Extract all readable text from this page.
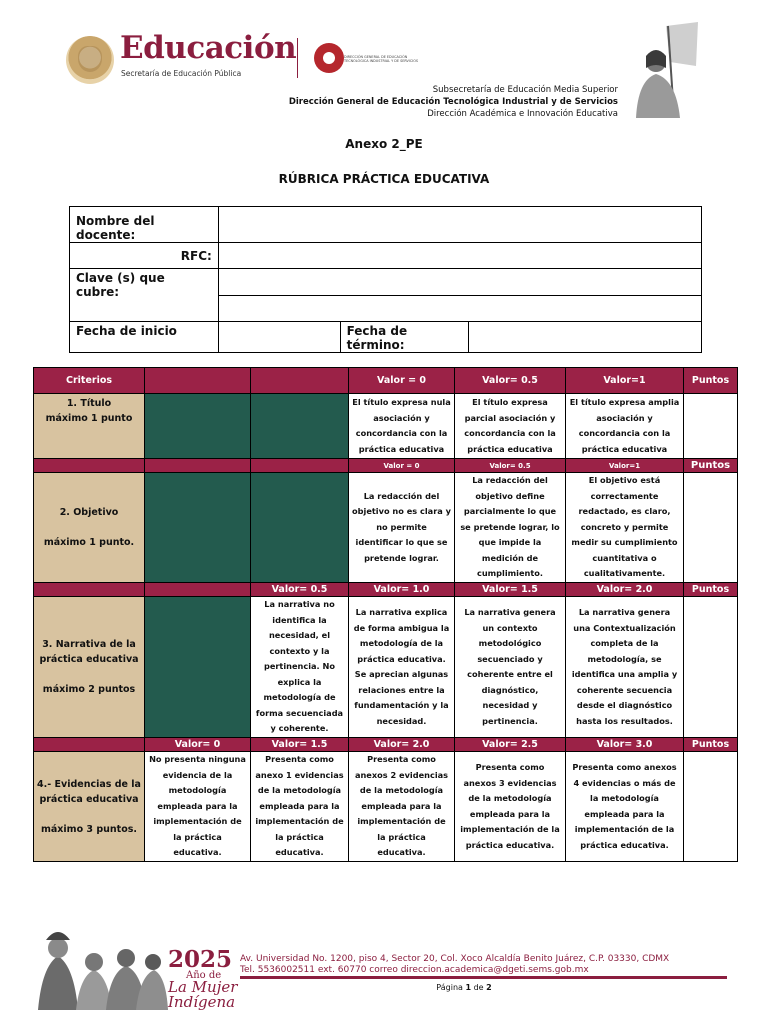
Educación
Secretaría de Educación Pública
DIRECCIÓN GENERAL DE EDUCACIÓN TECNOLÓGICA INDUSTRIAL Y DE SERVICIOS
Subsecretaría de Educación Media Superior
Dirección General de Educación Tecnológica Industrial y de Servicios
Dirección Académica e Innovación Educativa
Anexo 2_PE
RÚBRICA PRÁCTICA EDUCATIVA
Nombre del docente:			
RFC:			
Clave (s) que cubre:			

Fecha de inicio		Fecha de término:	
Criterios			Valor = 0	Valor= 0.5	Valor=1	Puntos
1. Título
máximo 1 punto			El título expresa nula asociación y concordancia con la práctica educativa	El título expresa parcial asociación y concordancia con la práctica educativa	El título expresa amplia asociación y concordancia con la práctica educativa	
			Valor = 0	Valor= 0.5	Valor=1	Puntos
2. Objetivo

máximo 1 punto.			La redacción del objetivo no es clara y no permite identificar lo que se pretende lograr.	La redacción del objetivo define parcialmente lo que se pretende lograr, lo que impide la medición de cumplimiento.	El objetivo está correctamente redactado, es claro, concreto y permite medir su cumplimiento cuantitativa o cualitativamente.	
		Valor= 0.5	Valor= 1.0	Valor= 1.5	Valor= 2.0	Puntos
3. Narrativa de la práctica educativa

máximo 2 puntos		La narrativa no identifica la necesidad, el contexto y la pertinencia. No explica la metodología de forma secuenciada y coherente.	La narrativa explica de forma ambigua la metodología de la práctica educativa. Se aprecian algunas relaciones entre la fundamentación y la necesidad.	La narrativa genera un contexto metodológico secuenciado y coherente entre el diagnóstico, necesidad y pertinencia.	La narrativa genera una Contextualización completa de la metodología, se identifica una amplia y coherente secuencia desde el diagnóstico hasta los resultados.	
	Valor= 0	Valor= 1.5	Valor= 2.0	Valor= 2.5	Valor= 3.0	Puntos
4.- Evidencias de la práctica educativa

máximo 3 puntos.	No presenta ninguna evidencia de la metodología empleada para la implementación de la práctica educativa.	Presenta como anexo 1 evidencias de la metodología empleada para la implementación de la práctica educativa.	Presenta como anexos 2 evidencias de la metodología empleada para la implementación de la práctica educativa.	Presenta como anexos 3 evidencias de la metodología empleada para la implementación de la práctica educativa.	Presenta como anexos 4 evidencias o más de la metodología empleada para la implementación de la práctica educativa.	
2025
Año de
La Mujer
Indígena
Av. Universidad No. 1200, piso 4, Sector 20, Col. Xoco Alcaldía Benito Juárez, C.P. 03330, CDMX
Tel. 5536002511 ext. 60770 correo direccion.academica@dgeti.sems.gob.mx
Página 1 de 2
